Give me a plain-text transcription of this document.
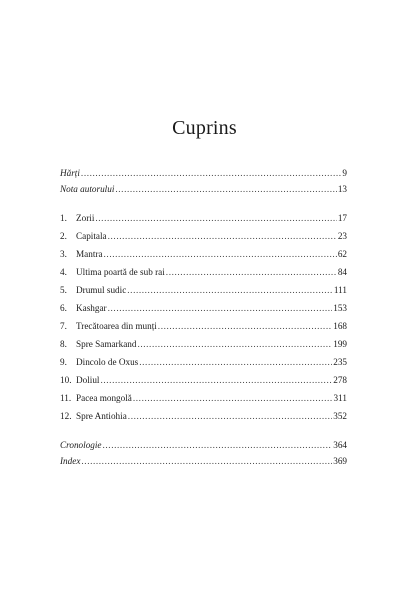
Cuprins
Hărți .....	9
Nota autorului .....	13
1. Zorii .....	17
2. Capitala .....	23
3. Mantra .....	62
4. Ultima poartă de sub rai .....	84
5. Drumul sudic .....	111
6. Kashgar .....	153
7. Trecătoarea din munți .....	168
8. Spre Samarkand .....	199
9. Dincolo de Oxus .....	235
10. Doliul .....	278
11. Pacea mongolă .....	311
12. Spre Antiohia .....	352
Cronologie .....	364
Index .....	369
